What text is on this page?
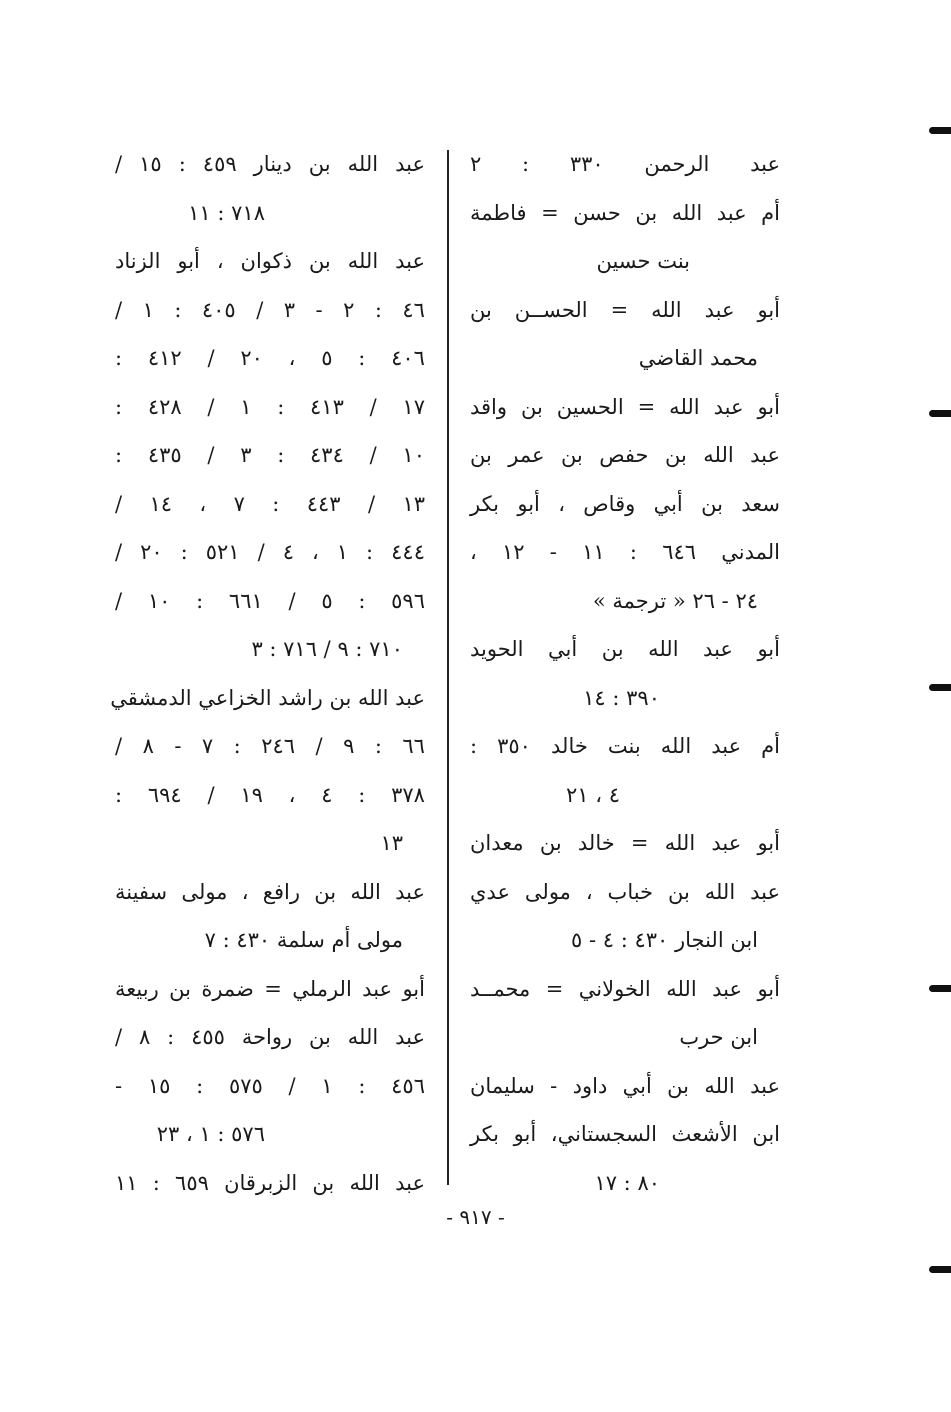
عبد الرحمن ٣٣٠ : ٢
أم عبد الله بن حسن = فاطمة
بنت حسين
أبو عبد الله = الحســن بن
محمد القاضي
أبو عبد الله = الحسين بن واقد
عبد الله بن حفص بن عمر بن
سعد بن أبي وقاص ، أبو بكر
المدني ٦٤٦ : ١١ - ١٢ ،
٢٤ - ٢٦ « ترجمة »
أبو عبد الله بن أبي الحويد
٣٩٠ : ١٤
أم عبد الله بنت خالد ٣٥٠ :
٤ ، ٢١
أبو عبد الله = خالد بن معدان
عبد الله بن خباب ، مولى عدي
ابن النجار ٤٣٠ : ٤ - ٥
أبو عبد الله الخولاني = محمــد
ابن حرب
عبد الله بن أبي داود - سليمان
ابن الأشعث السجستاني، أبو بكر
٨٠ : ١٧
عبد الله بن دينار ٤٥٩ : ١٥ /
٧١٨ : ١١
عبد الله بن ذكوان ، أبو الزناد
٤٦ : ٢ - ٣ / ٤٠٥ : ١ /
٤٠٦ : ٥ ، ٢٠ / ٤١٢ :
١٧ / ٤١٣ : ١ / ٤٢٨ :
١٠ / ٤٣٤ : ٣ / ٤٣٥ :
١٣ / ٤٤٣ : ٧ ، ١٤ /
٤٤٤ : ١ ، ٤ / ٥٢١ : ٢٠ /
٥٩٦ : ٥ / ٦٦١ : ١٠ /
٧١٠ : ٩ / ٧١٦ : ٣
عبد الله بن راشد الخزاعي الدمشقي
٦٦ : ٩ / ٢٤٦ : ٧ - ٨ /
٣٧٨ : ٤ ، ١٩ / ٦٩٤ :
١٣
عبد الله بن رافع ، مولى سفينة
مولى أم سلمة ٤٣٠ : ٧
أبو عبد الرملي = ضمرة بن ربيعة
عبد الله بن رواحة ٤٥٥ : ٨ /
٤٥٦ : ١ / ٥٧٥ : ١٥ -
٥٧٦ : ١ ، ٢٣
عبد الله بن الزبرقان ٦٥٩ : ١١
- ٩١٧ -
